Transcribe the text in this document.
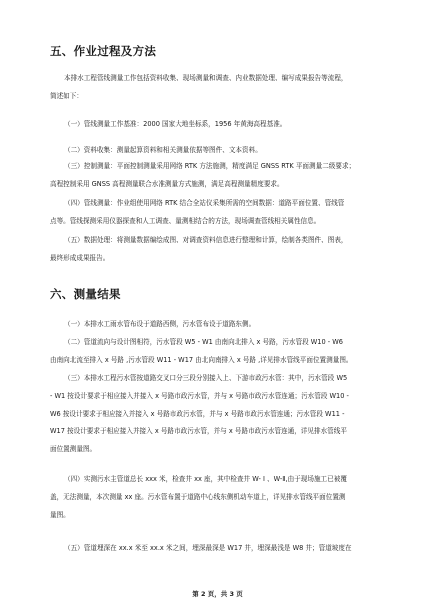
五、作业过程及方法
本排水工程管线测量工作包括资料收集、现场测量和调查、内业数据处理、编写成果报告等流程，
简述如下：
（一）管线测量工作基准：2000 国家大地坐标系，1956 年黄海高程基准。
（二）资料收集：测量起算资料和相关测量依据等图件、文本资料。
（三）控制测量：平面控制测量采用网络 RTK 方法施测，精度满足 GNSS RTK 平面测量二级要求；
高程控制采用 GNSS 高程测量联合水准测量方式施测，满足高程测量精度要求。
（四）管线测量：作业组使用网络 RTK 结合全站仪采集所需的空间数据：道路平面位置、管线管
点等。管线探测采用仪器探查和人工调查、量测相结合的方法，现场调查管线相关属性信息。
（五）数据处理：将测量数据编绘成图、对调查资料信息进行整理和计算，绘制各类图件、图表，
最终形成成果报告。
六、测量结果
（一）本排水工雨水管布设于道路西侧，污水管布设于道路东侧。
（二）管道流向与设计图相符，污水管段 W5 - W1 由南向北排入 x 号路，污水管段 W10 - W6
由南向北流至排入 x 号路 ,污水管段 W11 - W17 由北向南排入 x 号路 ,详见排水管线平面位置测量图。
（三）本排水工程污水管按道路交叉口分三段分别接入上、下游市政污水管：其中，污水管段 W5
- W1 按设计要求于相应接入并接入 x 号路市政污水管，并与 x 号路市政污水管连通；污水管段 W10 -
W6 按设计要求于相应接入并接入 x 号路市政污水管，并与 x 号路市政污水管连通；污水管段 W11 -
W17 按设计要求于相应接入并接入 x 号路市政污水管，并与 x 号路市政污水管连通，详见排水管线平
面位置测量图。
（四）实测污水主管道总长 xxx 米，检查井 xx 座，其中检查井 W- I 、W-Ⅱ,由于现场施工已被覆
盖，无法测量，本次测量 xx 座。污水管布置于道路中心线东侧机动车道上，详见排水管线平面位置测
量图。
（五）管道埋深在 xx.x 米至 xx.x 米之间，埋深最深是 W17 井，埋深最浅是 W8 井；管道坡度在
第 2 页，共 3 页
